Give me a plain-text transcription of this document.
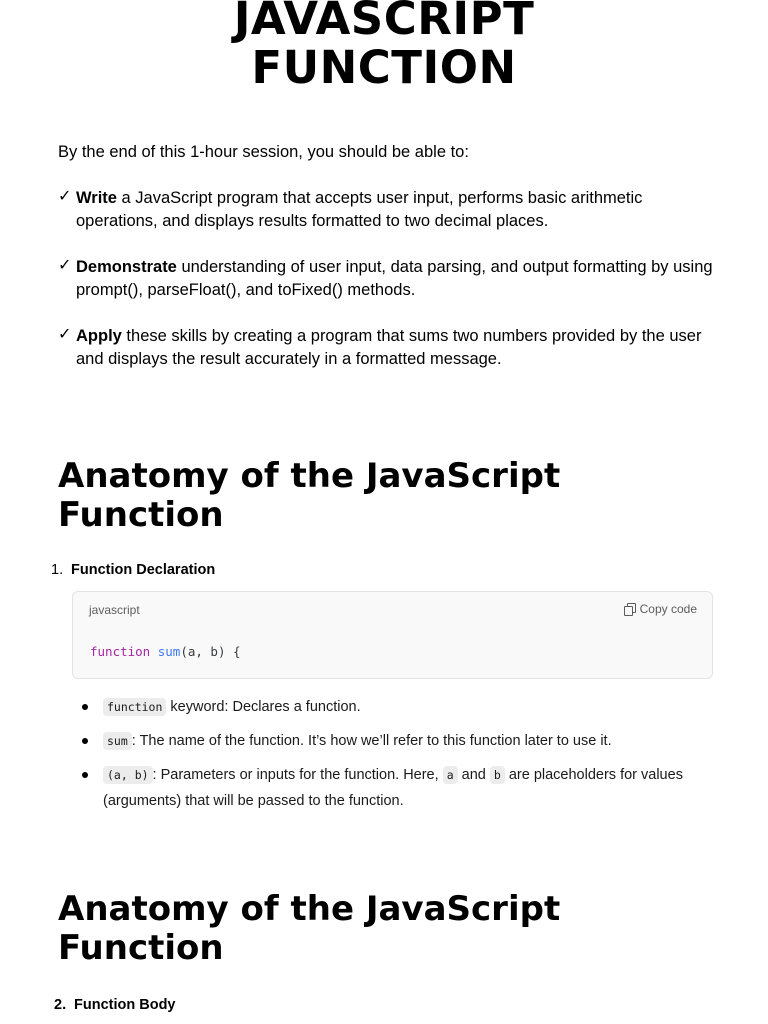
JAVASCRIPT
FUNCTION
By the end of this 1-hour session, you should be able to:
✓ Write a JavaScript program that accepts user input, performs basic arithmetic operations, and displays results formatted to two decimal places.
✓ Demonstrate understanding of user input, data parsing, and output formatting by using prompt(), parseFloat(), and toFixed() methods.
✓ Apply these skills by creating a program that sums two numbers provided by the user and displays the result accurately in a formatted message.
Anatomy of the JavaScript
Function
1. Function Declaration
javascript	Copy code
function sum(a, b) {
function keyword: Declares a function.
sum : The name of the function. It’s how we’ll refer to this function later to use it.
(a, b) : Parameters or inputs for the function. Here, a and b are placeholders for values (arguments) that will be passed to the function.
Anatomy of the JavaScript
Function
2. Function Body
